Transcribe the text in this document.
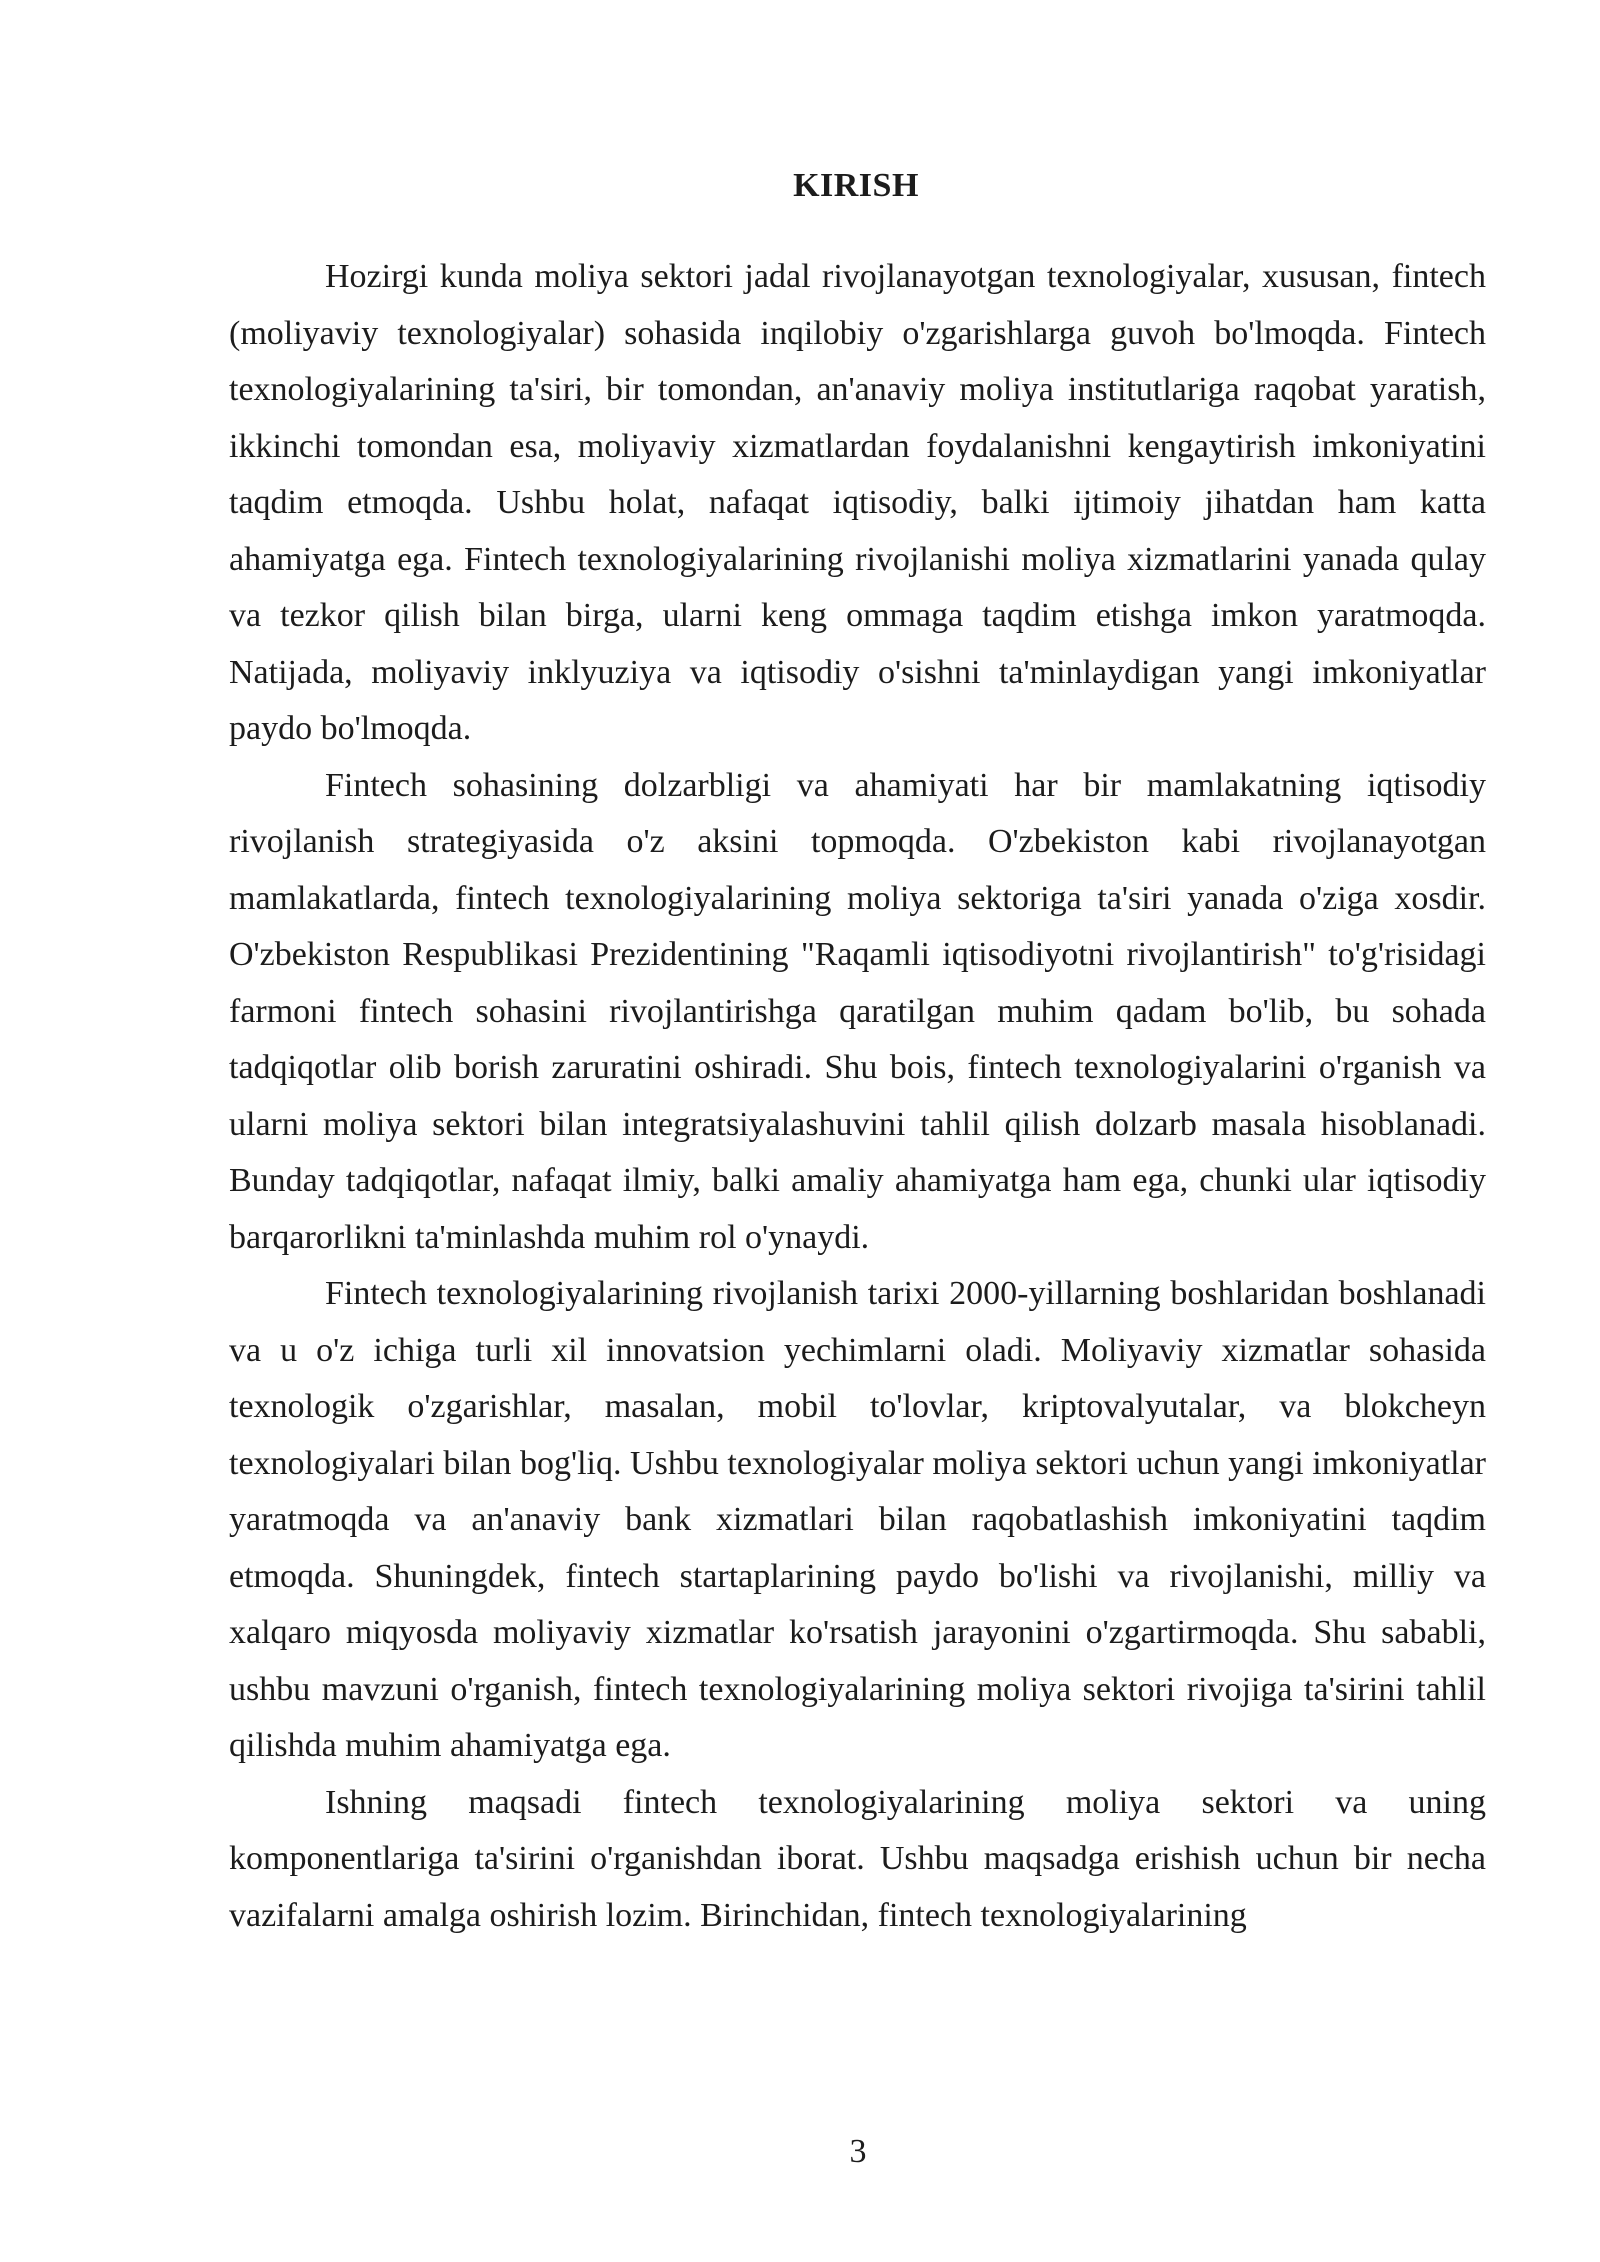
KIRISH

Hozirgi kunda moliya sektori jadal rivojlanayotgan texnologiyalar, xususan, fintech (moliyaviy texnologiyalar) sohasida inqilobiy o'zgarishlarga guvoh bo'lmoqda. Fintech texnologiyalarining ta'siri, bir tomondan, an'anaviy moliya institutlariga raqobat yaratish, ikkinchi tomondan esa, moliyaviy xizmatlardan foydalanishni kengaytirish imkoniyatini taqdim etmoqda. Ushbu holat, nafaqat iqtisodiy, balki ijtimoiy jihatdan ham katta ahamiyatga ega. Fintech texnologiyalarining rivojlanishi moliya xizmatlarini yanada qulay va tezkor qilish bilan birga, ularni keng ommaga taqdim etishga imkon yaratmoqda. Natijada, moliyaviy inklyuziya va iqtisodiy o'sishni ta'minlaydigan yangi imkoniyatlar paydo bo'lmoqda.

Fintech sohasining dolzarbligi va ahamiyati har bir mamlakatning iqtisodiy rivojlanish strategiyasida o'z aksini topmoqda. O'zbekiston kabi rivojlanayotgan mamlakatlarda, fintech texnologiyalarining moliya sektoriga ta'siri yanada o'ziga xosdir. O'zbekiston Respublikasi Prezidentining "Raqamli iqtisodiyotni rivojlantirish" to'g'risidagi farmoni fintech sohasini rivojlantirishga qaratilgan muhim qadam bo'lib, bu sohada tadqiqotlar olib borish zaruratini oshiradi. Shu bois, fintech texnologiyalarini o'rganish va ularni moliya sektori bilan integratsiyalashuvini tahlil qilish dolzarb masala hisoblanadi. Bunday tadqiqotlar, nafaqat ilmiy, balki amaliy ahamiyatga ham ega, chunki ular iqtisodiy barqarorlikni ta'minlashda muhim rol o'ynaydi.

Fintech texnologiyalarining rivojlanish tarixi 2000-yillarning boshlaridan boshlanadi va u o'z ichiga turli xil innovatsion yechimlarni oladi. Moliyaviy xizmatlar sohasida texnologik o'zgarishlar, masalan, mobil to'lovlar, kriptovalyutalar, va blokcheyn texnologiyalari bilan bog'liq. Ushbu texnologiyalar moliya sektori uchun yangi imkoniyatlar yaratmoqda va an'anaviy bank xizmatlari bilan raqobatlashish imkoniyatini taqdim etmoqda. Shuningdek, fintech startaplarining paydo bo'lishi va rivojlanishi, milliy va xalqaro miqyosda moliyaviy xizmatlar ko'rsatish jarayonini o'zgartirmoqda. Shu sababli, ushbu mavzuni o'rganish, fintech texnologiyalarining moliya sektori rivojiga ta'sirini tahlil qilishda muhim ahamiyatga ega.

Ishning maqsadi fintech texnologiyalarining moliya sektori va uning komponentlariga ta'sirini o'rganishdan iborat. Ushbu maqsadga erishish uchun bir necha vazifalarni amalga oshirish lozim. Birinchidan, fintech texnologiyalarining

3
